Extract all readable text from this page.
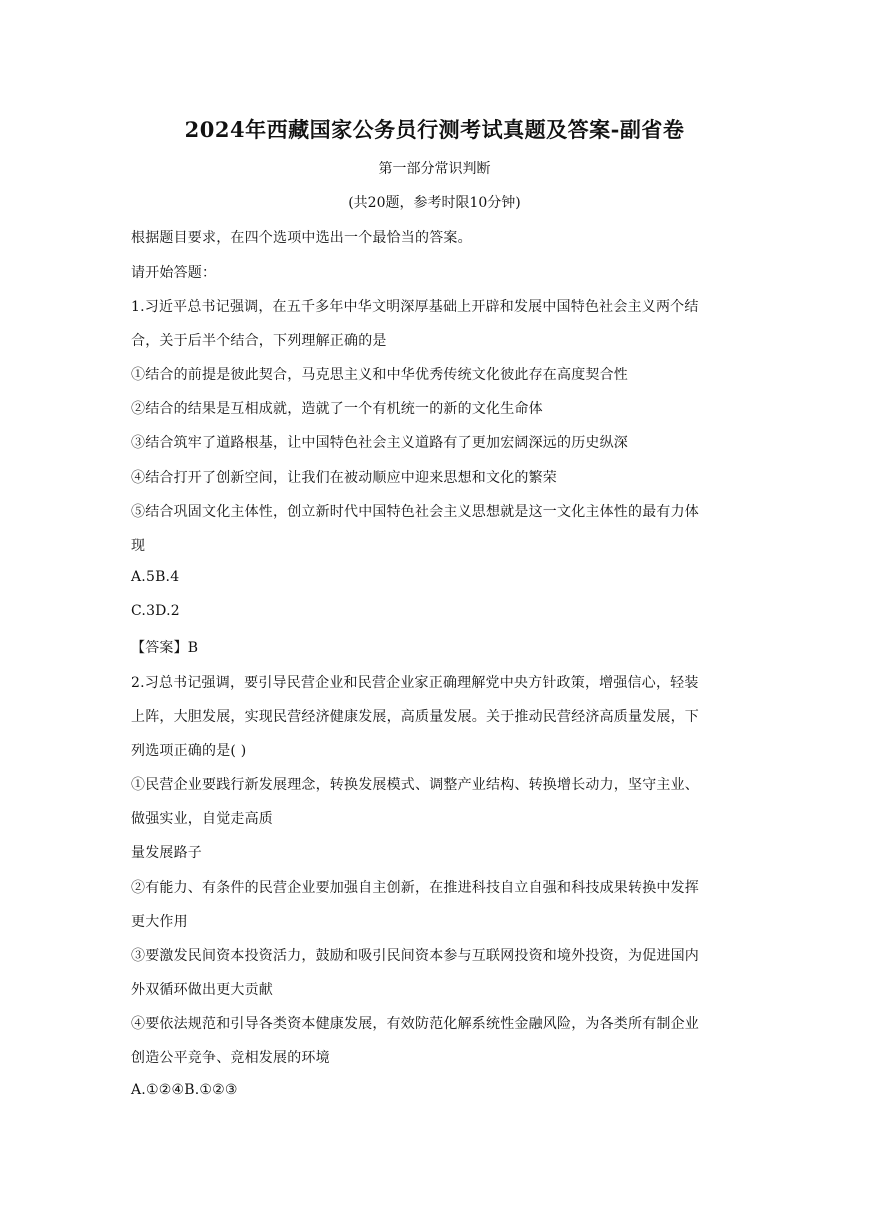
2024年西藏国家公务员行测考试真题及答案-副省卷
第一部分常识判断
(共20题，参考时限10分钟)
根据题目要求，在四个选项中选出一个最恰当的答案。
请开始答题：
1.习近平总书记强调，在五千多年中华文明深厚基础上开辟和发展中国特色社会主义两个结
合，关于后半个结合，下列理解正确的是
①结合的前提是彼此契合，马克思主义和中华优秀传统文化彼此存在高度契合性
②结合的结果是互相成就，造就了一个有机统一的新的文化生命体
③结合筑牢了道路根基，让中国特色社会主义道路有了更加宏阔深远的历史纵深
④结合打开了创新空间，让我们在被动顺应中迎来思想和文化的繁荣
⑤结合巩固文化主体性，创立新时代中国特色社会主义思想就是这一文化主体性的最有力体
现
A.5B.4
C.3D.2
【答案】B
2.习总书记强调，要引导民营企业和民营企业家正确理解党中央方针政策，增强信心，轻装
上阵，大胆发展，实现民营经济健康发展，高质量发展。关于推动民营经济高质量发展，下
列选项正确的是( )
①民营企业要践行新发展理念，转换发展模式、调整产业结构、转换增长动力，坚守主业、
做强实业，自觉走高质
量发展路子
②有能力、有条件的民营企业要加强自主创新，在推进科技自立自强和科技成果转换中发挥
更大作用
③要激发民间资本投资活力，鼓励和吸引民间资本参与互联网投资和境外投资，为促进国内
外双循环做出更大贡献
④要依法规范和引导各类资本健康发展，有效防范化解系统性金融风险，为各类所有制企业
创造公平竞争、竞相发展的环境
A.①②④B.①②③
